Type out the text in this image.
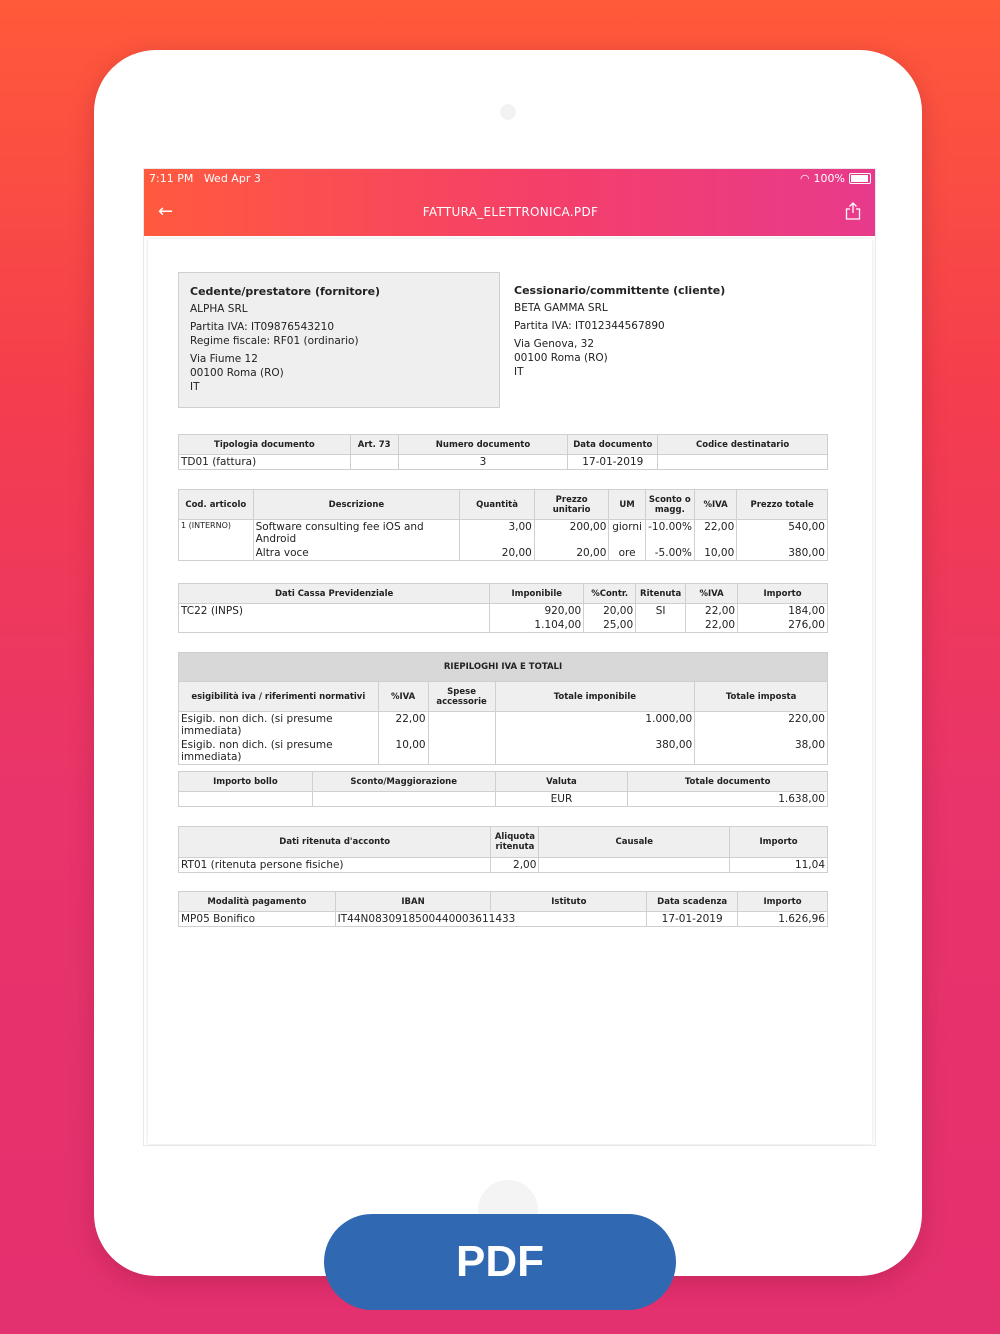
7:11 PM Wed Apr 3	◠ 100%
←	FATTURA_ELETTRONICA.PDF
Cedente/prestatore (fornitore)
ALPHA SRL
Partita IVA: IT09876543210
Regime fiscale: RF01 (ordinario)
Via Fiume 12
00100 Roma (RO)
IT
Cessionario/committente (cliente)
BETA GAMMA SRL
Partita IVA: IT012344567890
Via Genova, 32
00100 Roma (RO)
IT
Tipologia documento	Art. 73	Numero documento	Data documento	Codice destinatario
TD01 (fattura)		3	17-01-2019	
Cod. articolo	Descrizione	Quantità	Prezzo unitario	UM	Sconto o magg.	%IVA	Prezzo totale
1 (INTERNO)	Software consulting fee iOS and Android	3,00	200,00	giorni	-10.00%	22,00	540,00
	Altra voce	20,00	20,00	ore	-5.00%	10,00	380,00
Dati Cassa Previdenziale	Imponibile	%Contr.	Ritenuta	%IVA	Importo
TC22 (INPS)	920,00	20,00	SI	22,00	184,00
	1.104,00	25,00		22,00	276,00
RIEPILOGHI IVA E TOTALI				
esigibilità iva / riferimenti normativi	%IVA	Spese accessorie	Totale imponibile	Totale imposta
Esigib. non dich. (si presume immediata)	22,00		1.000,00	220,00
Esigib. non dich. (si presume immediata)	10,00		380,00	38,00
Importo bollo	Sconto/Maggiorazione	Valuta	Totale documento
		EUR	1.638,00
Dati ritenuta d'acconto	Aliquota ritenuta	Causale	Importo
RT01 (ritenuta persone fisiche)	2,00		11,04
Modalità pagamento	IBAN	Istituto	Data scadenza	Importo
MP05 Bonifico	IT44N0830918500440003611433		17-01-2019	1.626,96
PDF
